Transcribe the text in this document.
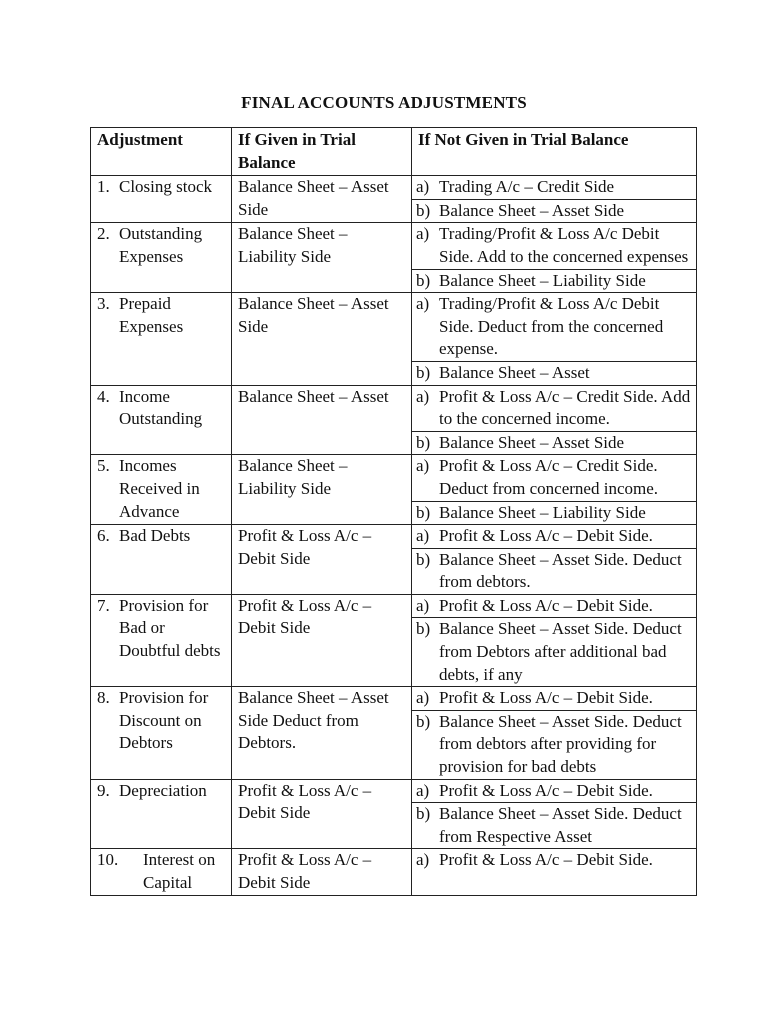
FINAL ACCOUNTS ADJUSTMENTS
Adjustment	If Given in Trial Balance	If Not Given in Trial Balance

1. Closing stock	Balance Sheet – Asset Side	a) Trading A/c – Credit Side

		b) Balance Sheet – Asset Side

2. Outstanding Expenses	Balance Sheet – Liability Side	a) Trading/Profit & Loss A/c Debit Side. Add to the concerned expenses

		b) Balance Sheet – Liability Side

3. Prepaid Expenses	Balance Sheet – Asset Side	a) Trading/Profit & Loss A/c Debit Side. Deduct from the concerned expense.

		b) Balance Sheet – Asset

4. Income Outstanding	Balance Sheet – Asset	a) Profit & Loss A/c – Credit Side. Add to the concerned income.

		b) Balance Sheet – Asset Side

5. Incomes Received in Advance	Balance Sheet – Liability Side	a) Profit & Loss A/c – Credit Side. Deduct from concerned income.

		b) Balance Sheet – Liability Side

6. Bad Debts	Profit & Loss A/c – Debit Side	a) Profit & Loss A/c – Debit Side.

		b) Balance Sheet – Asset Side. Deduct from debtors.

7. Provision for Bad or Doubtful debts	Profit & Loss A/c – Debit Side	a) Profit & Loss A/c – Debit Side.

		b) Balance Sheet – Asset Side. Deduct from Debtors after additional bad debts, if any

8. Provision for Discount on Debtors	Balance Sheet – Asset Side Deduct from Debtors.	a) Profit & Loss A/c – Debit Side.

		b) Balance Sheet – Asset Side. Deduct from debtors after providing for provision for bad debts

9. Depreciation	Profit & Loss A/c – Debit Side	a) Profit & Loss A/c – Debit Side.

		b) Balance Sheet – Asset Side. Deduct from Respective Asset

10. Interest on Capital	Profit & Loss A/c – Debit Side	a) Profit & Loss A/c – Debit Side.
